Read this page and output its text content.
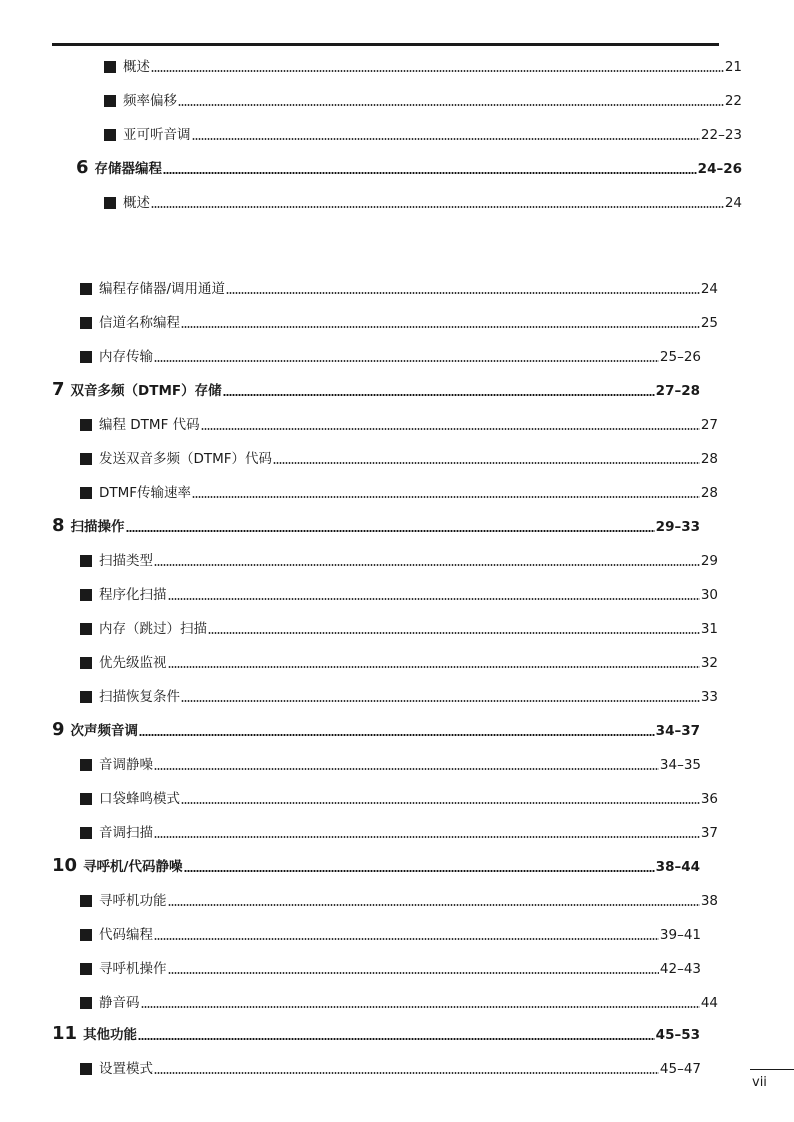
概述	21
频率偏移	22
亚可听音调	22–23
6 存储器编程	24–26
概述	24
编程存储器/调用通道	24
信道名称编程	25
内存传输	25–26
7 双音多频（DTMF）存储	27–28
编程 DTMF 代码	27
发送双音多频（DTMF）代码	28
DTMF传输速率	28
8 扫描操作	29–33
扫描类型	29
程序化扫描	30
内存（跳过）扫描	31
优先级监视	32
扫描恢复条件	33
9 次声频音调	34–37
音调静噪	34–35
口袋蜂鸣模式	36
音调扫描	37
10 寻呼机/代码静噪	38–44
寻呼机功能	38
代码编程	39–41
寻呼机操作	42–43
静音码	44
11 其他功能	45–53
设置模式	45–47
vii
